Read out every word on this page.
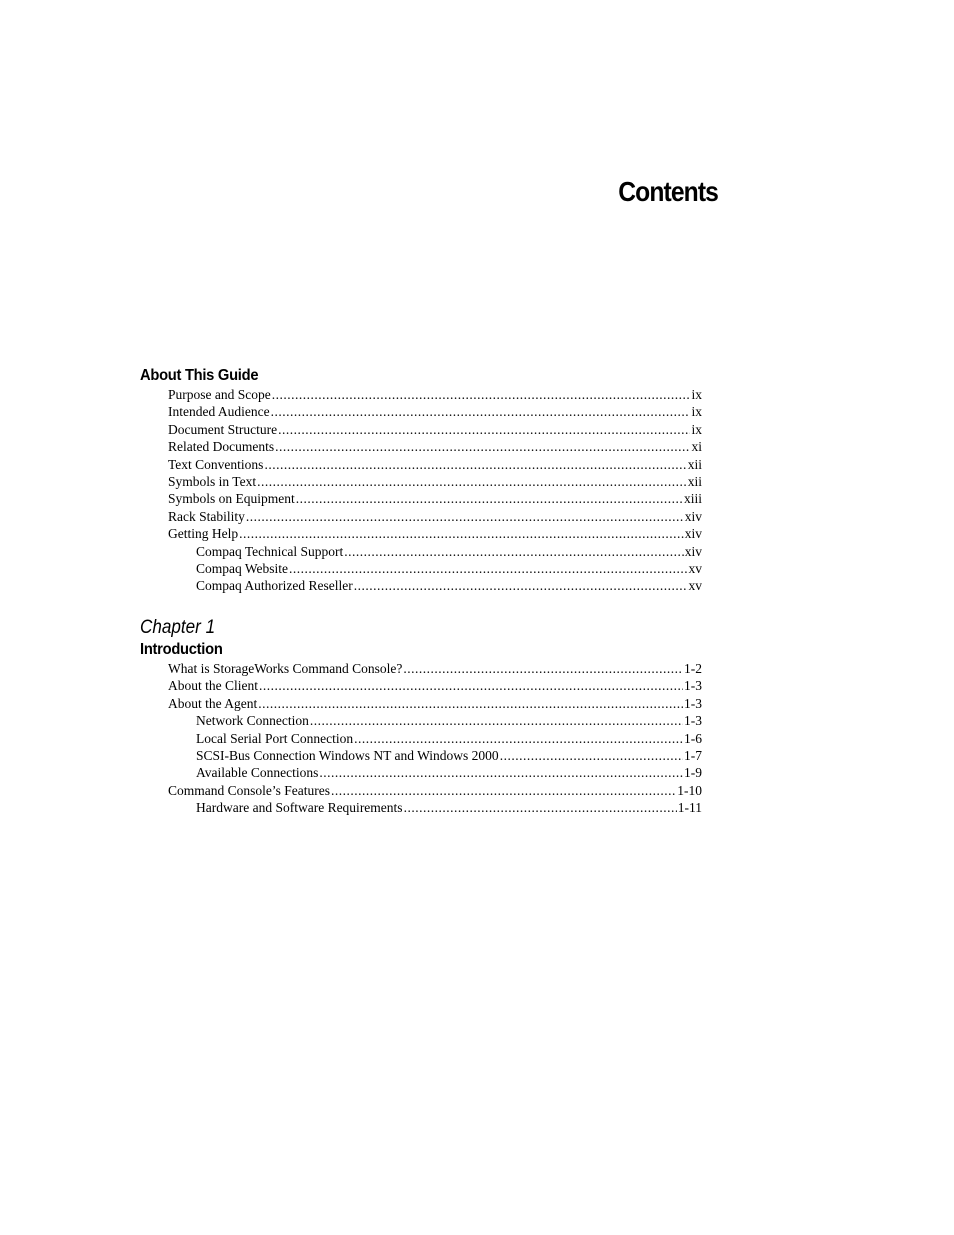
Contents
About This Guide
Purpose and Scope .....	ix
Intended Audience .....	ix
Document Structure .....	ix
Related Documents .....	xi
Text Conventions .....	xii
Symbols in Text .....	xii
Symbols on Equipment .....	xiii
Rack Stability .....	xiv
Getting Help .....	xiv
Compaq Technical Support .....	xiv
Compaq Website .....	xv
Compaq Authorized Reseller .....	xv
Chapter 1
Introduction
What is StorageWorks Command Console? .....	1-2
About the Client .....	1-3
About the Agent .....	1-3
Network Connection .....	1-3
Local Serial Port Connection .....	1-6
SCSI-Bus Connection Windows NT and Windows 2000 .....	1-7
Available Connections .....	1-9
Command Console’s Features .....	1-10
Hardware and Software Requirements .....	1-11
